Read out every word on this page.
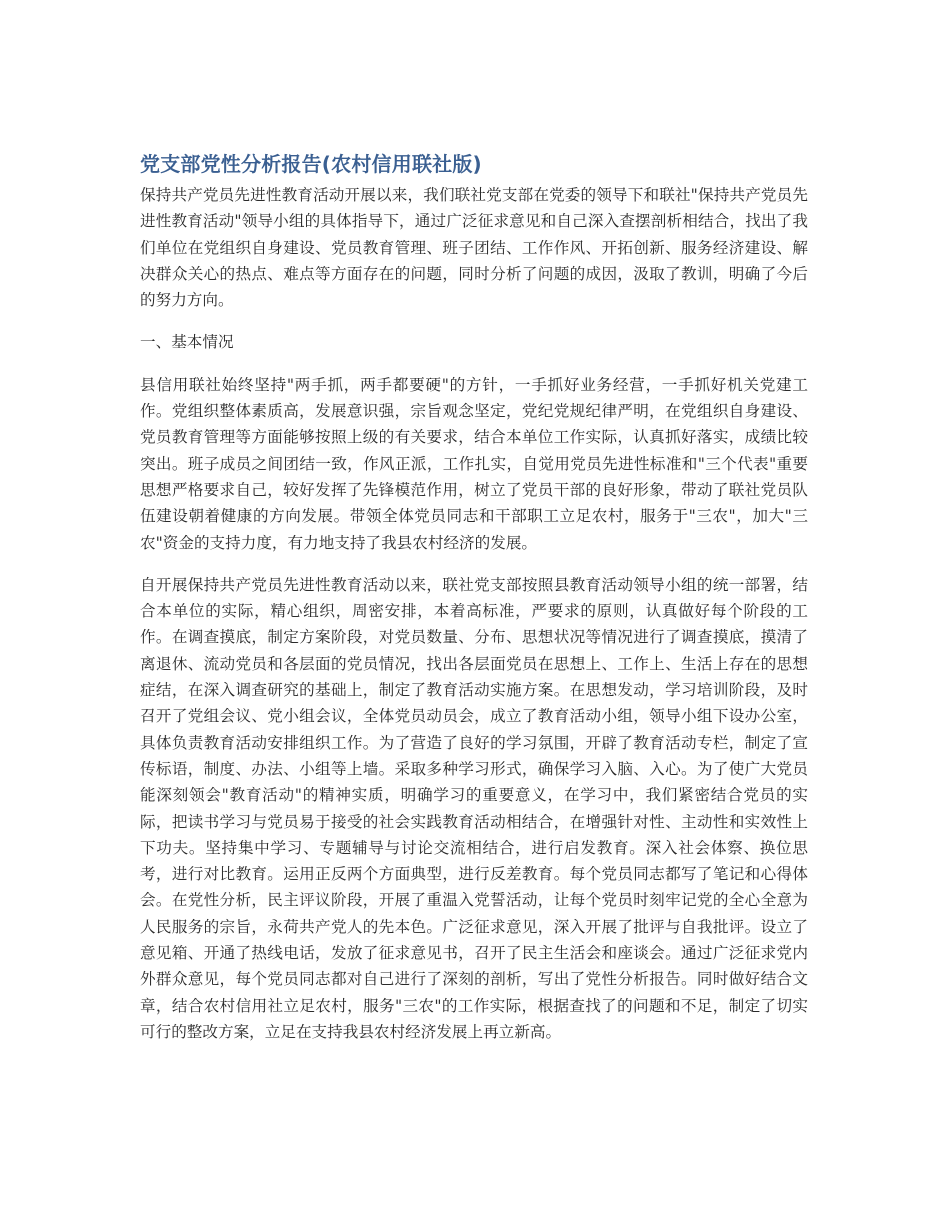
党支部党性分析报告(农村信用联社版)

保持共产党员先进性教育活动开展以来，我们联社党支部在党委的领导下和联社"保持共产党员先进性教育活动"领导小组的具体指导下，通过广泛征求意见和自己深入查摆剖析相结合，找出了我们单位在党组织自身建设、党员教育管理、班子团结、工作作风、开拓创新、服务经济建设、解决群众关心的热点、难点等方面存在的问题，同时分析了问题的成因，汲取了教训，明确了今后的努力方向。

一、基本情况

县信用联社始终坚持"两手抓，两手都要硬"的方针，一手抓好业务经营，一手抓好机关党建工作。党组织整体素质高，发展意识强，宗旨观念坚定，党纪党规纪律严明，在党组织自身建设、党员教育管理等方面能够按照上级的有关要求，结合本单位工作实际，认真抓好落实，成绩比较突出。班子成员之间团结一致，作风正派，工作扎实，自觉用党员先进性标准和"三个代表"重要思想严格要求自己，较好发挥了先锋模范作用，树立了党员干部的良好形象，带动了联社党员队伍建设朝着健康的方向发展。带领全体党员同志和干部职工立足农村，服务于"三农"，加大"三农"资金的支持力度，有力地支持了我县农村经济的发展。

自开展保持共产党员先进性教育活动以来，联社党支部按照县教育活动领导小组的统一部署，结合本单位的实际，精心组织，周密安排，本着高标准，严要求的原则，认真做好每个阶段的工作。在调查摸底，制定方案阶段，对党员数量、分布、思想状况等情况进行了调查摸底，摸清了离退休、流动党员和各层面的党员情况，找出各层面党员在思想上、工作上、生活上存在的思想症结，在深入调查研究的基础上，制定了教育活动实施方案。在思想发动，学习培训阶段，及时召开了党组会议、党小组会议，全体党员动员会，成立了教育活动小组，领导小组下设办公室，具体负责教育活动安排组织工作。为了营造了良好的学习氛围，开辟了教育活动专栏，制定了宣传标语，制度、办法、小组等上墙。采取多种学习形式，确保学习入脑、入心。为了使广大党员能深刻领会"教育活动"的精神实质，明确学习的重要意义，在学习中，我们紧密结合党员的实际，把读书学习与党员易于接受的社会实践教育活动相结合，在增强针对性、主动性和实效性上下功夫。坚持集中学习、专题辅导与讨论交流相结合，进行启发教育。深入社会体察、换位思考，进行对比教育。运用正反两个方面典型，进行反差教育。每个党员同志都写了笔记和心得体会。在党性分析，民主评议阶段，开展了重温入党誓活动，让每个党员时刻牢记党的全心全意为人民服务的宗旨，永荷共产党人的先本色。广泛征求意见，深入开展了批评与自我批评。设立了意见箱、开通了热线电话，发放了征求意见书，召开了民主生活会和座谈会。通过广泛征求党内外群众意见，每个党员同志都对自己进行了深刻的剖析，写出了党性分析报告。同时做好结合文章，结合农村信用社立足农村，服务"三农"的工作实际，根据查找了的问题和不足，制定了切实可行的整改方案，立足在支持我县农村经济发展上再立新高。
